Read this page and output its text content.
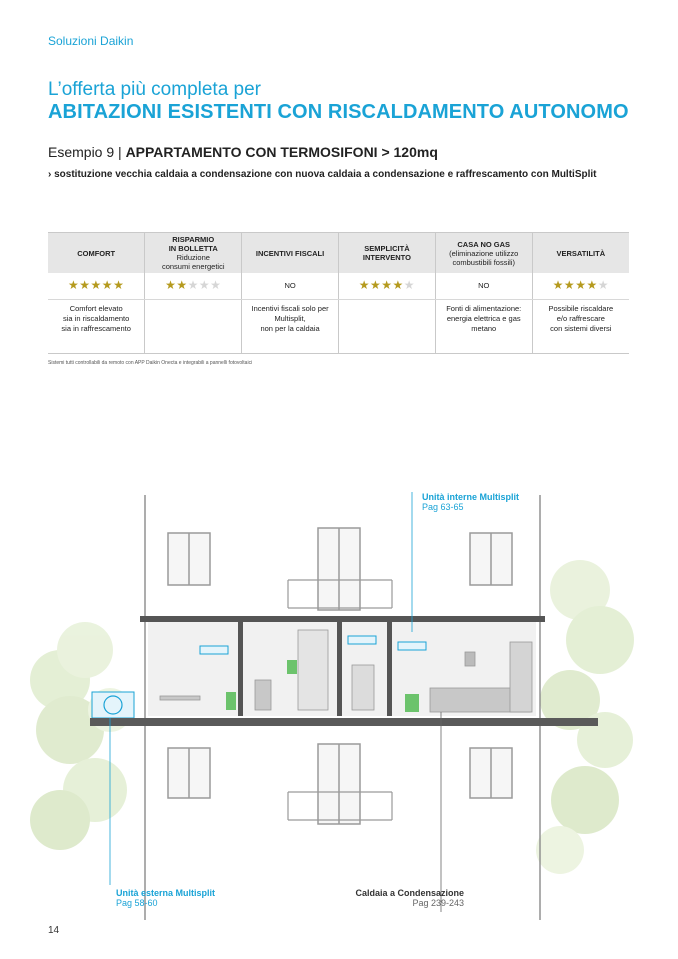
Soluzioni Daikin
L’offerta più completa per
ABITAZIONI ESISTENTI CON RISCALDAMENTO AUTONOMO
Esempio 9 | APPARTAMENTO CON TERMOSIFONI > 120mq
› sostituzione vecchia caldaia a condensazione con nuova caldaia a condensazione e raffrescamento con MultiSplit
COMFORT	RISPARMIO
IN BOLLETTA
Riduzione
consumi energetici	INCENTIVI FISCALI	SEMPLICITÀ
INTERVENTO	CASA NO GAS
(eliminazione utilizzo
combustibili fossili)	VERSATILITÀ
★★★★★	★★★★★	NO	★★★★★	NO	★★★★★
Comfort elevato
sia in riscaldamento
sia in raffrescamento		Incentivi fiscali solo per
Multisplit,
non per la caldaia		Fonti di alimentazione:
energia elettrica e gas
metano	Possibile riscaldare
e/o raffrescare
con sistemi diversi
Sistemi tutti controllabili da remoto con APP Daikin Onecta e integrabili a pannelli fotovoltaici
Unità interne Multisplit
Pag 63-65
Unità esterna Multisplit
Pag 58-60
Caldaia a Condensazione
Pag 239-243
14
